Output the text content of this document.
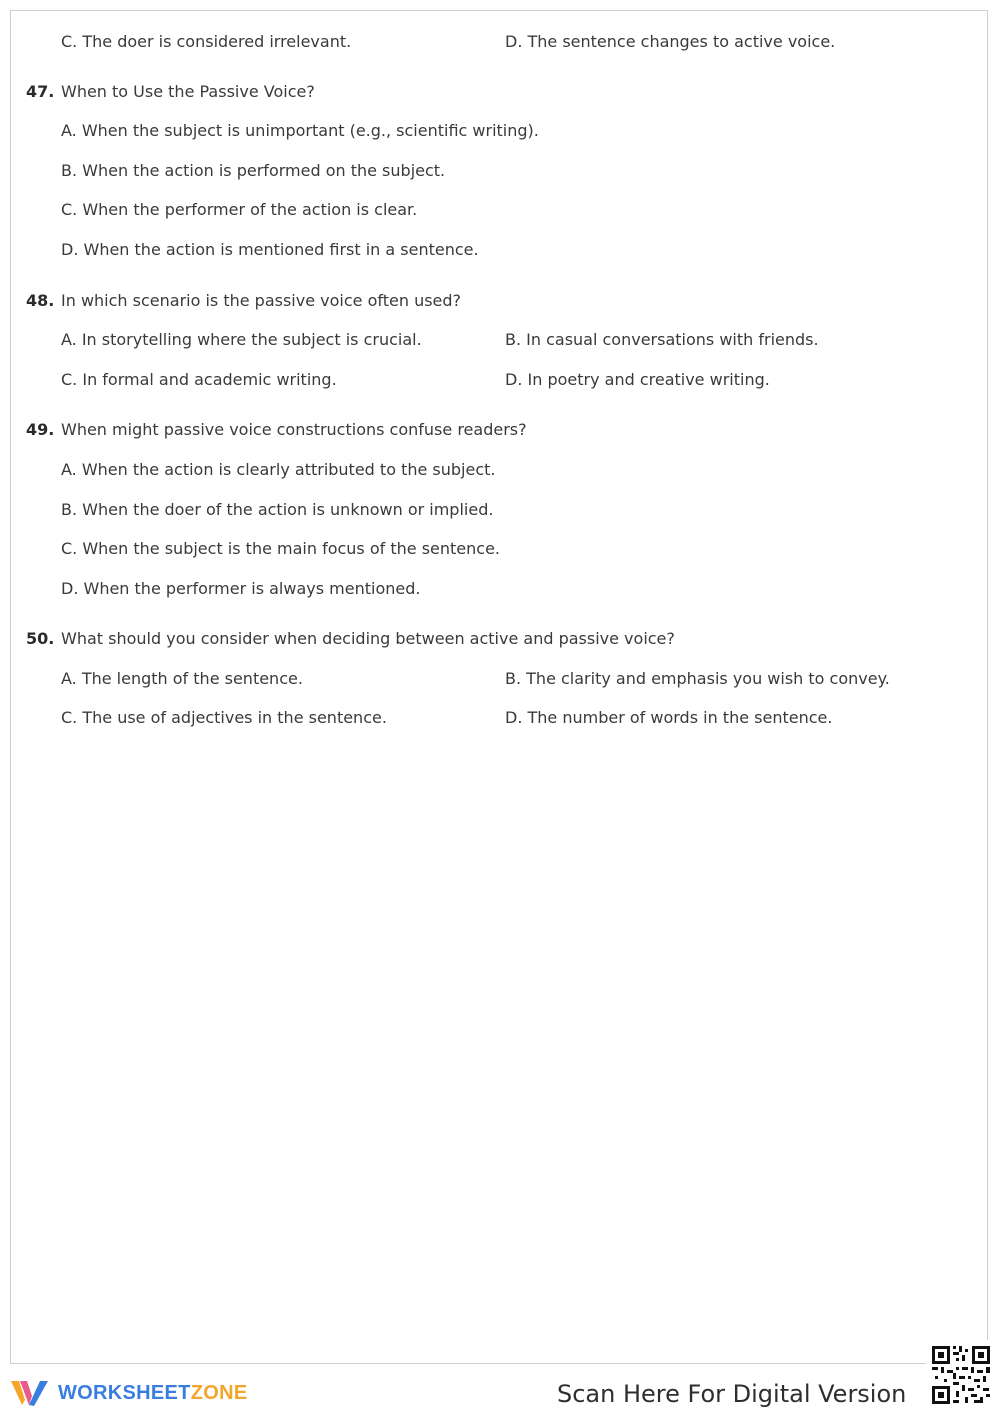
C. The doer is considered irrelevant.	D. The sentence changes to active voice.
47. When to Use the Passive Voice?
A. When the subject is unimportant (e.g., scientific writing).
B. When the action is performed on the subject.
C. When the performer of the action is clear.
D. When the action is mentioned first in a sentence.
48. In which scenario is the passive voice often used?
A. In storytelling where the subject is crucial.	B. In casual conversations with friends.
C. In formal and academic writing.	D. In poetry and creative writing.
49. When might passive voice constructions confuse readers?
A. When the action is clearly attributed to the subject.
B. When the doer of the action is unknown or implied.
C. When the subject is the main focus of the sentence.
D. When the performer is always mentioned.
50. What should you consider when deciding between active and passive voice?
A. The length of the sentence.	B. The clarity and emphasis you wish to convey.
C. The use of adjectives in the sentence.	D. The number of words in the sentence.
WORKSHEETZONE	Scan Here For Digital Version
